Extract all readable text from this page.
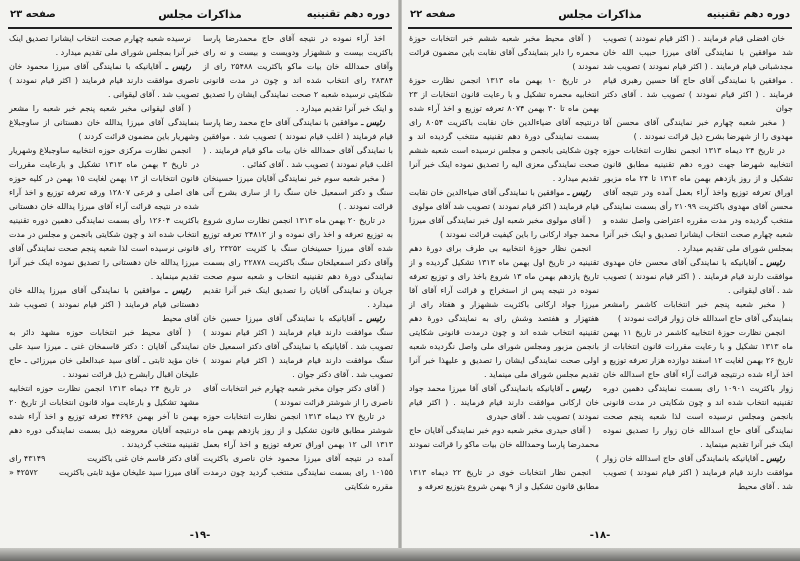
دوره دهم تقنینیه
مذاکرات مجلس
صفحه ۲۳

اخذ آراء نموده در نتیجه آقای حاج محمدرضا پارسا باکثریت بیست و ششهزار ودویست و بیست و نه رای وآقای حمدالله خان بیات ماکو باکثریت ۲۵۴۸۸ رای از ۲۸۳۸۴ رای انتخاب شده اند و چون در مدت قانونی شکایتی نرسیده شعبه ۲ صحت نمایندگی ایشان را تصدیق و اینک خبر آنرا تقدیم میدارد .

رئیس ـ موافقین با نمایندگی آقای حاج محمد رضا پارسا قیام فرمایند ( اغلب قیام نمودند ) تصویب شد . موافقین با نمایندگی آقای حمدالله خان بیات ماکو قیام فرمایند . ( اغلب قیام نمودند ) تصویب شد . آقای کفائی .

( مخبر شعبه سوم خبر نمایندگی آقایان میرزا حسینخان سنگ و دکتر اسمعیل خان سنگ را از ساری بشرح آتی قرائت نمودند . )

در تاریخ ۲۰ بهمن ماه ۱۳۱۳ انجمن نظارت ساری شروع به توزیع تعرفه و اخذ رای نموده و از ۲۴۸۱۲ تعرفه توزیع شده آقای میرزا حسینخان سنگ با کثریت ۲۳۲۵۲ رای وآقای دکتر اسمعیلخان سنگ باکثریت ۲۲۸۷۸ رای بسمت نمایندگی دورهٔ دهم تقنینیه انتخاب و شعبه سوم صحت جریان و نمایندگی آقایان را تصدیق اینک خبر آنرا تقدیم میدارد .

رئیس ـ آقایانیکه با نمایندگی آقای میرزا حسین خان سنگ موافقت دارند قیام فرمایند ( اکثر قیام نمودند ) تصویب شد . آقایانیکه با نمایندگی آقای دکتر اسمعیل خان سنگ موافقت دارند قیام فرمایند ( اکثر قیام نمودند ) تصویب شد . آقای دکتر جوان .

( آقای دکتر جوان مخبر شعبه چهارم خبر انتخابات آقای ناصری را از شوشتر قرائت نمودند )

در تاریخ ۲۷ دیماه ۱۳۱۳ انجمن نظارت انتخابات حوزه شوشتر مطابق قانون تشکیل و از روز یازدهم بهمن ماه ۱۳۱۳ الی ۱۲ بهمن اوراق تعرفه توزیع و اخذ آراء بعمل آمده در نتیجه آقای میرزا محمود خان ناصری باکثریت ۱۰۱۵۵ رای بسمت نمایندگی منتخب گردید چون درمدت مقرره شکایتی

نرسیده شعبه چهارم صحت انتخاب ایشانرا تصدیق اینک خبر آنرا بمجلس شورای ملی تقدیم میدارد .

رئیس ـ آقایانیکه با نمایندگی آقای میرزا محمود خان ناصری موافقت دارند قیام فرمایند ( اکثر قیام نمودند ) تصویب شد . آقای لیقوانی .

( آقای لیقوانی مخبر شعبه پنجم خبر شعبه را مشعر بنمایندگی آقای میرزا یدالله خان دهستانی از ساوجبلاغ وشهریار باین مضمون قرائت کردند )

انجمن نظارت مرکزی حوزه انتخابیه ساوجبلاغ وشهریار در تاریخ ۳ بهمن ماه ۱۳۱۳ تشکیل و بارعایت مقررات قانون انتخابات از ۱۳ بهمن لغایت ۱۵ بهمن در کلیه حوزه های اصلی و فرعی ۱۲۸۰۷ ورقه تعرفه توزیع و اخذ آراء شده در نتیجه قرائت آراء آقای میرزا یدالله خان دهستانی باکثریت ۱۲۶۰۴ رأی بسمت نمایندگی دهمین دوره تقنینیه انتخاب شده اند و چون شکایتی بانجمن و مجلس در مدت قانونی نرسیده است لذا شعبه پنجم صحت نمایندگی آقای میرزا یدالله خان دهستانی را تصدیق نموده اینک خبر آنرا تقدیم مینماید .

رئیس ـ موافقین با نمایندگی آقای میرزا یدالله خان دهستانی قیام فرمایند ( اکثر قیام نمودند ) تصویب شد آقای محیط

( آقای محیط خبر انتخابات حوزه مشهد دائر به نمایندگی آقایان : دکتر قاسمخان غنی ـ میرزا سید علی خان مؤید ثابتی ـ آقای سید عبدالعلی خان میرزائی ـ حاج علیخان اقبال رابشرح ذیل قرائت نمودند .

در تاریخ ۲۴ دیماه ۱۳۱۳ انجمن نظارت حوزه انتخابیه مشهد تشکیل و بارعایت مواد قانون انتخابات از تاریخ ۲۰ بهمن تا آخر بهمن ۴۴۶۹۶ تعرفه توزیع و اخذ آراء شده درنتیجه آقایان معروضه ذیل بسمت نمایندگی دوره دهم تقنینیه منتخب گردیدند .

آقای دکتر قاسم خان غنی باکثریت
۴۳۱۴۹ رای
آقای میرزا سید علیخان مؤید ثابتی باکثریت
۴۲۵۷۲ «
-۱۹-
دوره دهم تقنینیه
مذاکرات مجلس
صفحه ۲۲

خان افضلی قیام فرمایند . ( اکثر قیام نمودند ) تصویب شد موافقین با نمایندگی آقای میرزا حبیب الله خان مجدشبانی قیام فرمایند . ( اکثر قیام نمودند ) تصویب شد . موافقین با نمایندگی آقای حاج آقا حسین رهبری قیام فرمایند . ( اکثر قیام نمودند ) تصویب شد . آقای دکتر جوان

( مخبر شعبه چهارم خبر نمایندگی آقای محسن آقا مهدوی را از شهرضا بشرح ذیل قرائت نمودند . )

در تاریخ ۲۴ دیماه ۱۳۱۳ انجمن نظارت انتخابات حوزه انتخابیه شهرضا جهت دوره دهم تقنینیه مطابق قانون تشکیل و از روز یازدهم بهمن ماه ۱۳۱۳ تا ۲۴ ماه مزبور اوراق تعرفه توزیع واخذ آراء بعمل آمده ودر نتیجه آقای محسن آقای مهدوی باکثریت ۲۱۰۹۹ رأی بسمت نمایندگی منتخب گردیده ودر مدت مقرره اعتراضی واصل نشده و شعبه چهارم صحت انتخاب ایشانرا تصدیق و اینک خبر آنرا بمجلس شورای ملی تقدیم میدارد .

رئیس ـ آقایانیکه با نمایندگی آقای محسن خان مهدوی موافقت دارند قیام فرمایند . ( اکثر قیام نمودند ) تصویب شد . آقای لیقوانی .

( مخبر شعبه پنجم خبر انتخابات کاشمر رامشعر بنمایندگی آقای حاج اسدالله خان زوار قرائت نمودند )

انجمن نظارت حوزهٔ انتخابیه کاشمر در تاریخ ۱۱ بهمن ماه ۱۳۱۳ تشکیل و با رعایت مقررات قانون انتخابات از تاریخ ۲۶ بهمن لغایت ۱۲ اسفند دوازده هزار تعرفه توزیع و اخذ آراء شده درنتیجه قرائت آراء آقای حاج اسدالله خان زوار باکثریت ۱۰۹۰۱ رای بسمت نمایندگی دهمین دوره تقنینیه انتخاب شده اند و چون شکایتی در مدت قانونی بانجمن ومجلس نرسیده است لذا شعبه پنجم صحت نمایندگی آقای حاج اسدالله خان زوار را تصدیق نموده اینک خبر آنرا تقدیم مینماید .

رئیس ـ آقایانیکه بانمایندگی آقای حاج اسدالله خان زوار موافقت دارند قیام فرمایند ( اکثر قیام نمودند ) تصویب شد . آقای محیط

( آقای محیط مخبر شعبه ششم خبر انتخابات حوزهٔ محمره را دایر بنمایندگی آقای نقابت باین مضمون قرائت نمودند )

در تاریخ ۱۰ بهمن ماه ۱۳۱۳ انجمن نظارت حوزهٔ انتخابیه محمره تشکیل و با رعایت قانون انتخابات از ۲۳ بهمن ماه تا ۳۰ بهمن ۸۰۷۴ تعرفه توزیع و اخذ آراء شده درنتیجه آقای ضیاءالدین خان نقابت باکثریت ۸۰۵۴ رای بسمت نمایندگی دورهٔ دهم تقنینیه منتخب گردیده اند و چون شکایتی بانجمن و مجلس نرسیده است شعبه ششم صحت نمایندگی معزی الیه را تصدیق نموده اینک خبر آنرا تقدیم میدارد .

رئیس ـ موافقین با نمایندگی آقای ضیاءالدین خان نقابت قیام فرمایند ( اکثر قیام نمودند ) تصویب شد آقای مولوی

( آقای مولوی مخبر شعبه اول خبر نمایندگی آقای میرزا محمد جواد ارکانی را باین کیفیت قرائت نمودند )

انجمن نظار حوزهٔ انتخابیه بی طرف برای دورهٔ دهم تقنینیه در تاریخ اول بهمن ماه ۱۳۱۳ تشکیل گردیده و از تاریخ یازدهم بهمن ماه ۱۳ شروع باخذ رای و توزیع تعرفه نموده در نتیجه پس از استخراج و قرائت آراء آقای آقا میرزا جواد ارکانی باکثریت ششهزار و هفتاد رای از هفتهزار و هفتصد وشش رای به نمایندگی دورهٔ دهم تقنینیه انتخاب شده اند و چون درمدت قانونی شکایتی بانجمن مزبور ومجلس شورای ملی واصل نگردیده شعبه اولی صحت نمایندگی ایشان را تصدیق و علیهذا خبر آنرا تقدیم مجلس شورای ملی مینماید .

رئیس ـ آقایانیکه بانمایندگی آقای آقا میرزا محمد جواد خان ارکانی موافقت دارند قیام فرمایند . ( اکثر قیام نمودند ) تصویب شد . آقای حیدری

( آقای حیدری مخبر شعبه دوم خبر نمایندگی آقایان حاج محمدرضا پارسا وحمدالله خان بیات ماکو را قرائت نمودند )

انجمن نظار انتخابات خوی در تاریخ ۲۲ دیماه ۱۳۱۳ مطابق قانون تشکیل و از ۹ بهمن شروع بتوزیع تعرفه و

-۱۸-
